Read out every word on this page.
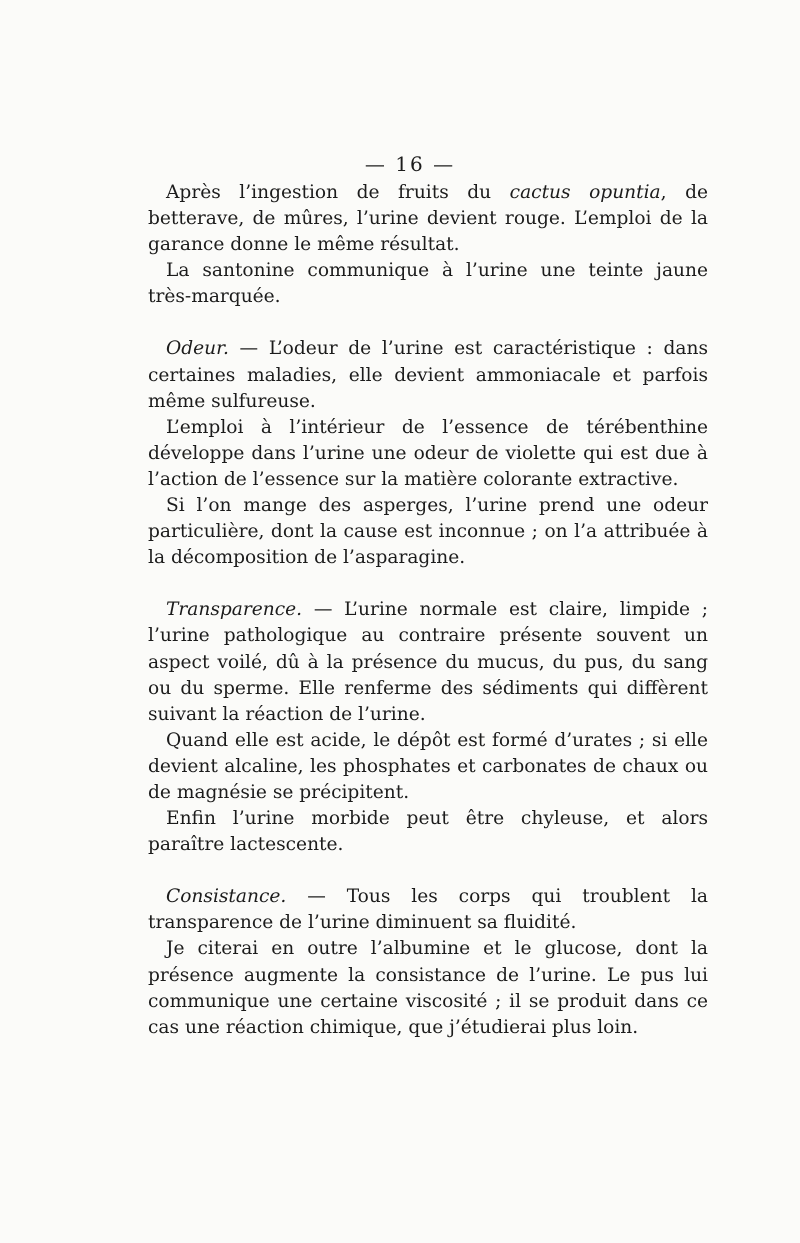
— 16 —

Après l’ingestion de fruits du cactus opuntia, de betterave, de mûres, l’urine devient rouge. L’emploi de la garance donne le même résultat.

La santonine communique à l’urine une teinte jaune très-marquée.

Odeur. — L’odeur de l’urine est caractéristique : dans certaines maladies, elle devient ammoniacale et parfois même sulfureuse.

L’emploi à l’intérieur de l’essence de térébenthine développe dans l’urine une odeur de violette qui est due à l’action de l’essence sur la matière colorante extractive.

Si l’on mange des asperges, l’urine prend une odeur particulière, dont la cause est inconnue ; on l’a attribuée à la décomposition de l’asparagine.

Transparence. — L’urine normale est claire, limpide ; l’urine pathologique au contraire présente souvent un aspect voilé, dû à la présence du mucus, du pus, du sang ou du sperme. Elle renferme des sédiments qui diffèrent suivant la réaction de l’urine.

Quand elle est acide, le dépôt est formé d’urates ; si elle devient alcaline, les phosphates et carbonates de chaux ou de magnésie se précipitent.

Enfin l’urine morbide peut être chyleuse, et alors paraître lactescente.

Consistance. — Tous les corps qui troublent la transparence de l’urine diminuent sa fluidité.

Je citerai en outre l’albumine et le glucose, dont la présence augmente la consistance de l’urine. Le pus lui communique une certaine viscosité ; il se produit dans ce cas une réaction chimique, que j’étudierai plus loin.
